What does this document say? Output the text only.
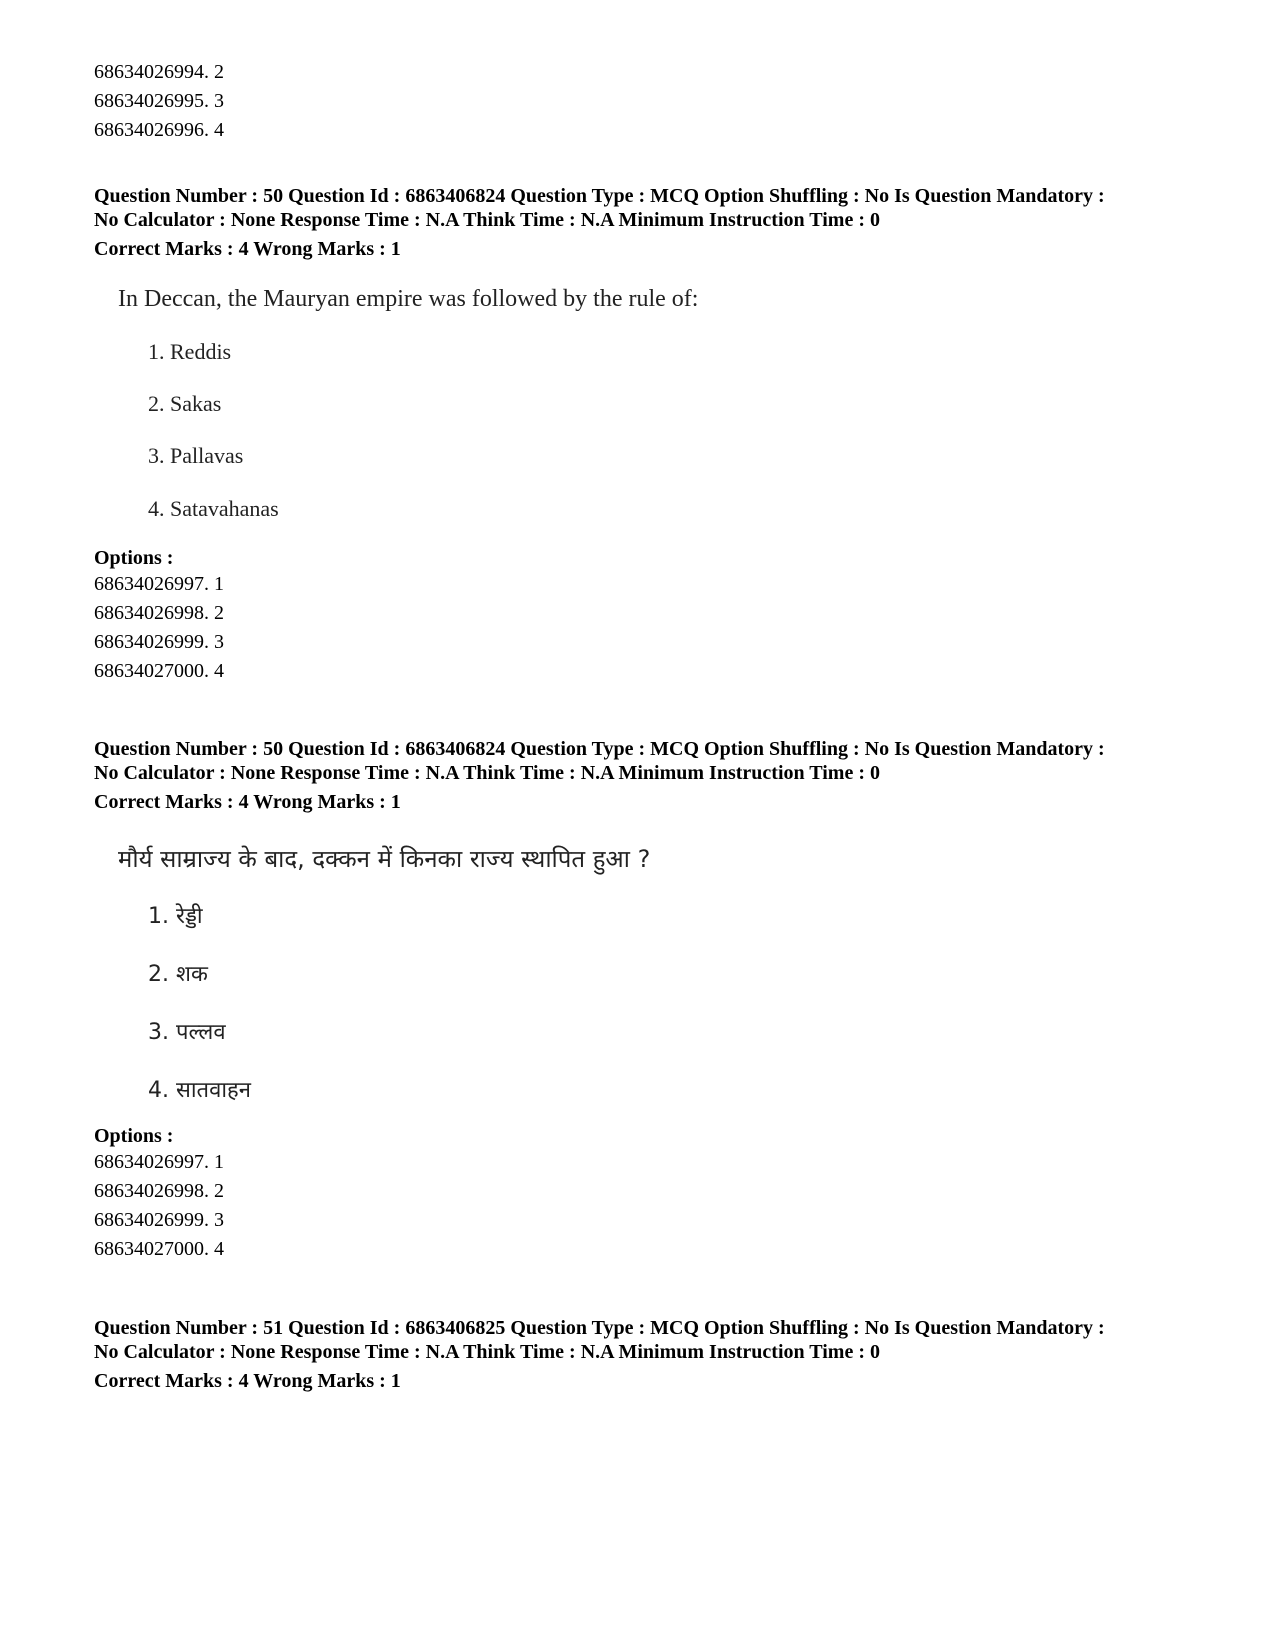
68634026994. 2
68634026995. 3
68634026996. 4
Question Number : 50 Question Id : 6863406824 Question Type : MCQ Option Shuffling : No Is Question Mandatory :
No Calculator : None Response Time : N.A Think Time : N.A Minimum Instruction Time : 0
Correct Marks : 4 Wrong Marks : 1
In Deccan, the Mauryan empire was followed by the rule of:
1. Reddis
2. Sakas
3. Pallavas
4. Satavahanas
Options :
68634026997. 1
68634026998. 2
68634026999. 3
68634027000. 4
Question Number : 50 Question Id : 6863406824 Question Type : MCQ Option Shuffling : No Is Question Mandatory :
No Calculator : None Response Time : N.A Think Time : N.A Minimum Instruction Time : 0
Correct Marks : 4 Wrong Marks : 1
मौर्य साम्राज्य के बाद, दक्कन में किनका राज्य स्थापित हुआ ?
1. रेड्डी
2. शक
3. पल्लव
4. सातवाहन
Options :
68634026997. 1
68634026998. 2
68634026999. 3
68634027000. 4
Question Number : 51 Question Id : 6863406825 Question Type : MCQ Option Shuffling : No Is Question Mandatory :
No Calculator : None Response Time : N.A Think Time : N.A Minimum Instruction Time : 0
Correct Marks : 4 Wrong Marks : 1
